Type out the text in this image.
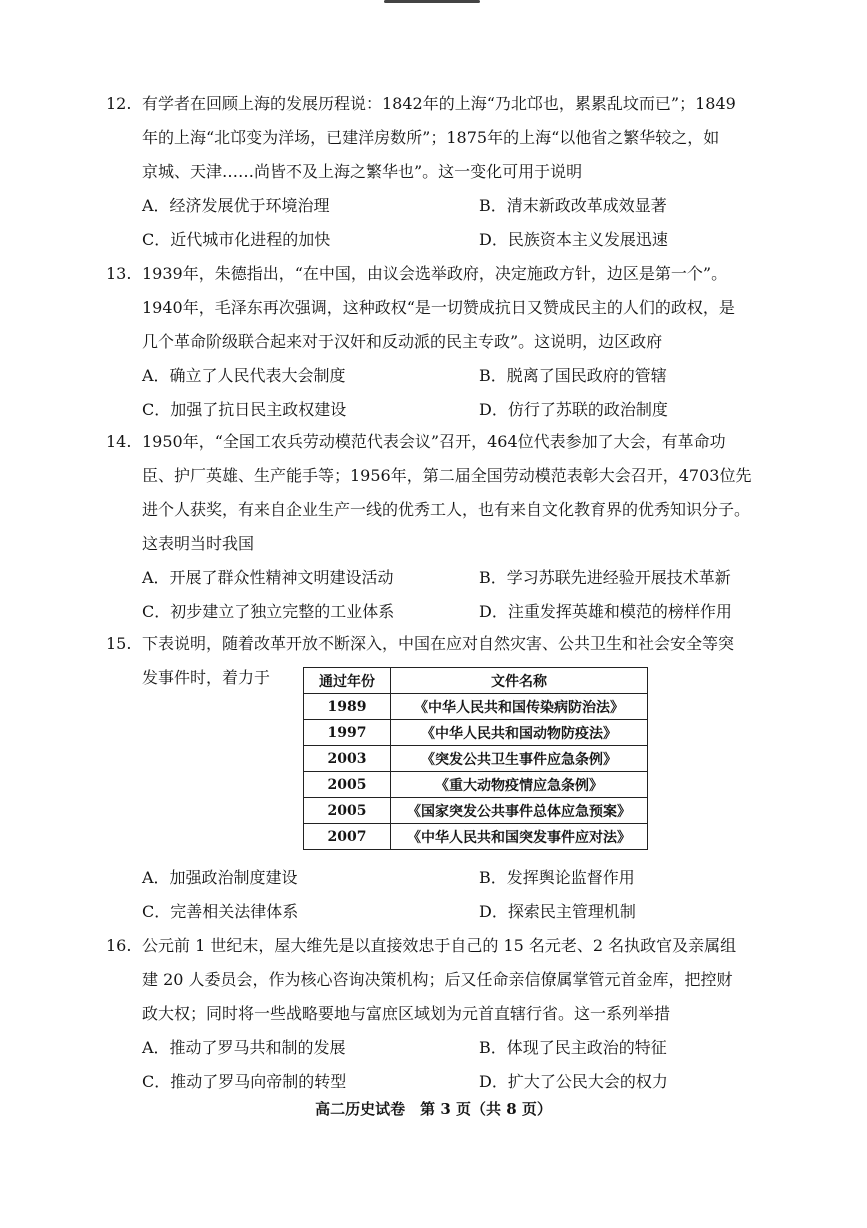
12. 有学者在回顾上海的发展历程说：1842年的上海“乃北邙也，累累乱坟而已”；1849
年的上海“北邙变为洋场，已建洋房数所”；1875年的上海“以他省之繁华较之，如
京城、天津……尚皆不及上海之繁华也”。这一变化可用于说明
A．经济发展优于环境治理	B．清末新政改革成效显著
C．近代城市化进程的加快	D．民族资本主义发展迅速
13. 1939年，朱德指出，“在中国，由议会选举政府，决定施政方针，边区是第一个”。
1940年，毛泽东再次强调，这种政权“是一切赞成抗日又赞成民主的人们的政权，是
几个革命阶级联合起来对于汉奸和反动派的民主专政”。这说明，边区政府
A．确立了人民代表大会制度	B．脱离了国民政府的管辖
C．加强了抗日民主政权建设	D．仿行了苏联的政治制度
14. 1950年，“全国工农兵劳动模范代表会议”召开，464位代表参加了大会，有革命功
臣、护厂英雄、生产能手等；1956年，第二届全国劳动模范表彰大会召开，4703位先
进个人获奖，有来自企业生产一线的优秀工人，也有来自文化教育界的优秀知识分子。
这表明当时我国
A．开展了群众性精神文明建设活动	B．学习苏联先进经验开展技术革新
C．初步建立了独立完整的工业体系	D．注重发挥英雄和模范的榜样作用
15. 下表说明，随着改革开放不断深入，中国在应对自然灾害、公共卫生和社会安全等突
发事件时，着力于
A．加强政治制度建设	B．发挥舆论监督作用
C．完善相关法律体系	D．探索民主管理机制
通过年份	文件名称
1989	《中华人民共和国传染病防治法》
1997	《中华人民共和国动物防疫法》
2003	《突发公共卫生事件应急条例》
2005	《重大动物疫情应急条例》
2005	《国家突发公共事件总体应急预案》
2007	《中华人民共和国突发事件应对法》
16. 公元前 1 世纪末，屋大维先是以直接效忠于自己的 15 名元老、2 名执政官及亲属组
建 20 人委员会，作为核心咨询决策机构；后又任命亲信僚属掌管元首金库，把控财
政大权；同时将一些战略要地与富庶区域划为元首直辖行省。这一系列举措
A．推动了罗马共和制的发展	B．体现了民主政治的特征
C．推动了罗马向帝制的转型	D．扩大了公民大会的权力
高二历史试卷　第 3 页（共 8 页）
